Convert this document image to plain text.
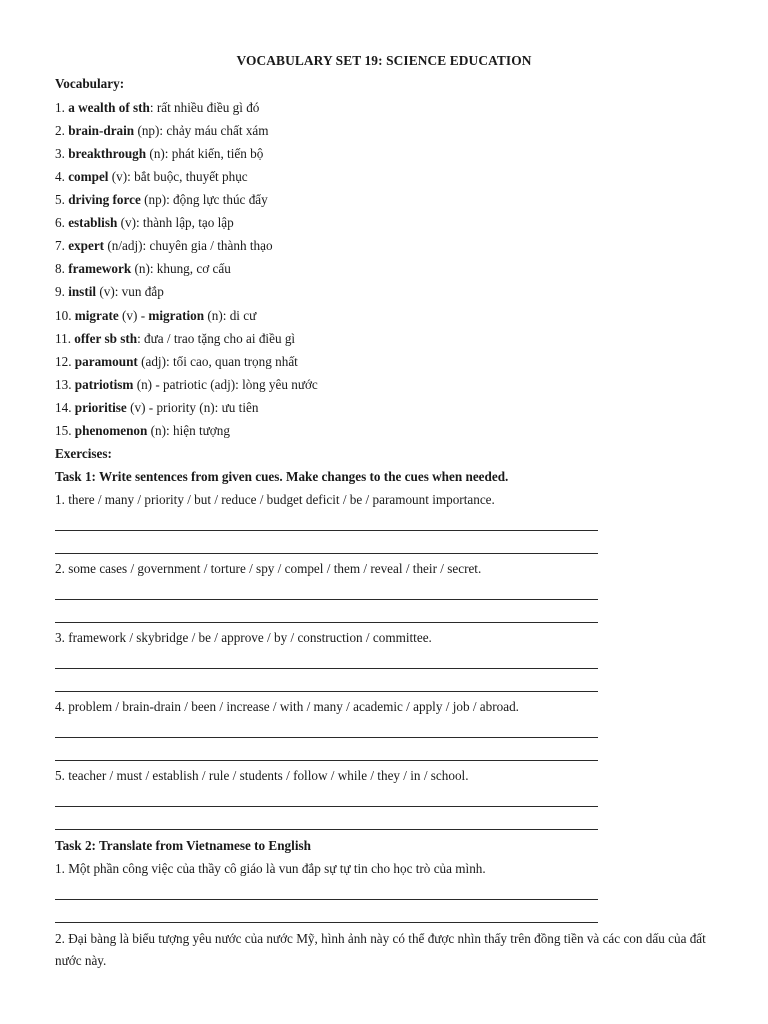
VOCABULARY SET 19: SCIENCE EDUCATION
Vocabulary:
1. a wealth of sth: rất nhiều điều gì đó
2. brain-drain (np): chảy máu chất xám
3. breakthrough (n): phát kiến, tiến bộ
4. compel (v): bắt buộc, thuyết phục
5. driving force (np): động lực thúc đẩy
6. establish (v): thành lập, tạo lập
7. expert (n/adj): chuyên gia / thành thạo
8. framework (n): khung, cơ cấu
9. instil (v): vun đắp
10. migrate (v) - migration (n): di cư
11. offer sb sth: đưa / trao tặng cho ai điều gì
12. paramount (adj): tối cao, quan trọng nhất
13. patriotism (n) - patriotic (adj): lòng yêu nước
14. prioritise (v) - priority (n): ưu tiên
15. phenomenon (n): hiện tượng
Exercises:
Task 1: Write sentences from given cues. Make changes to the cues when needed.
1. there / many / priority / but / reduce / budget deficit / be / paramount importance.
2. some cases / government / torture / spy / compel / them / reveal / their / secret.
3. framework / skybridge / be / approve / by / construction / committee.
4. problem / brain-drain / been / increase / with / many / academic / apply / job / abroad.
5. teacher / must / establish / rule / students / follow / while / they / in / school.
Task 2: Translate from Vietnamese to English
1. Một phần công việc của thầy cô giáo là vun đắp sự tự tin cho học trò của mình.
2. Đại bàng là biểu tượng yêu nước của nước Mỹ, hình ảnh này có thể được nhìn thấy trên đồng tiền và các con dấu của đất nước này.
